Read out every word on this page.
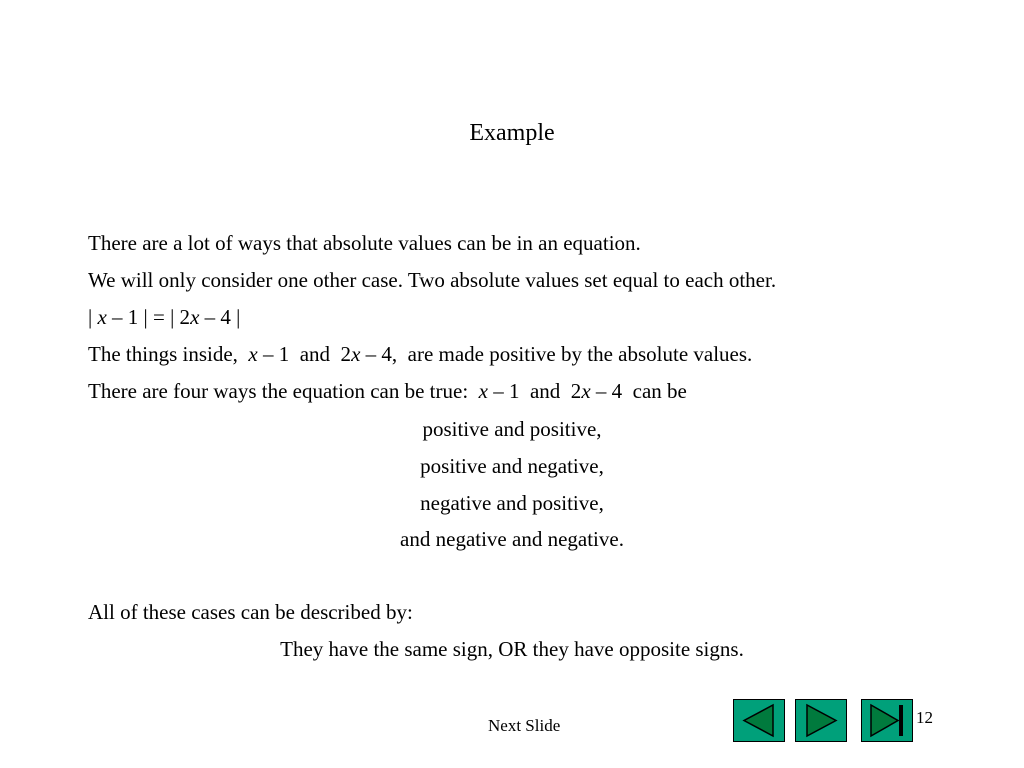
Example
There are a lot of ways that absolute values can be in an equation.
We will only consider one other case. Two absolute values set equal to each other.
| x – 1 | = | 2x – 4 |
The things inside,  x – 1  and  2x – 4,  are made positive by the absolute values.
There are four ways the equation can be true:  x – 1  and  2x – 4  can be
positive and positive,
positive and negative,
negative and positive,
and negative and negative.
All of these cases can be described by:
They have the same sign, OR they have opposite signs.
Next Slide	12
